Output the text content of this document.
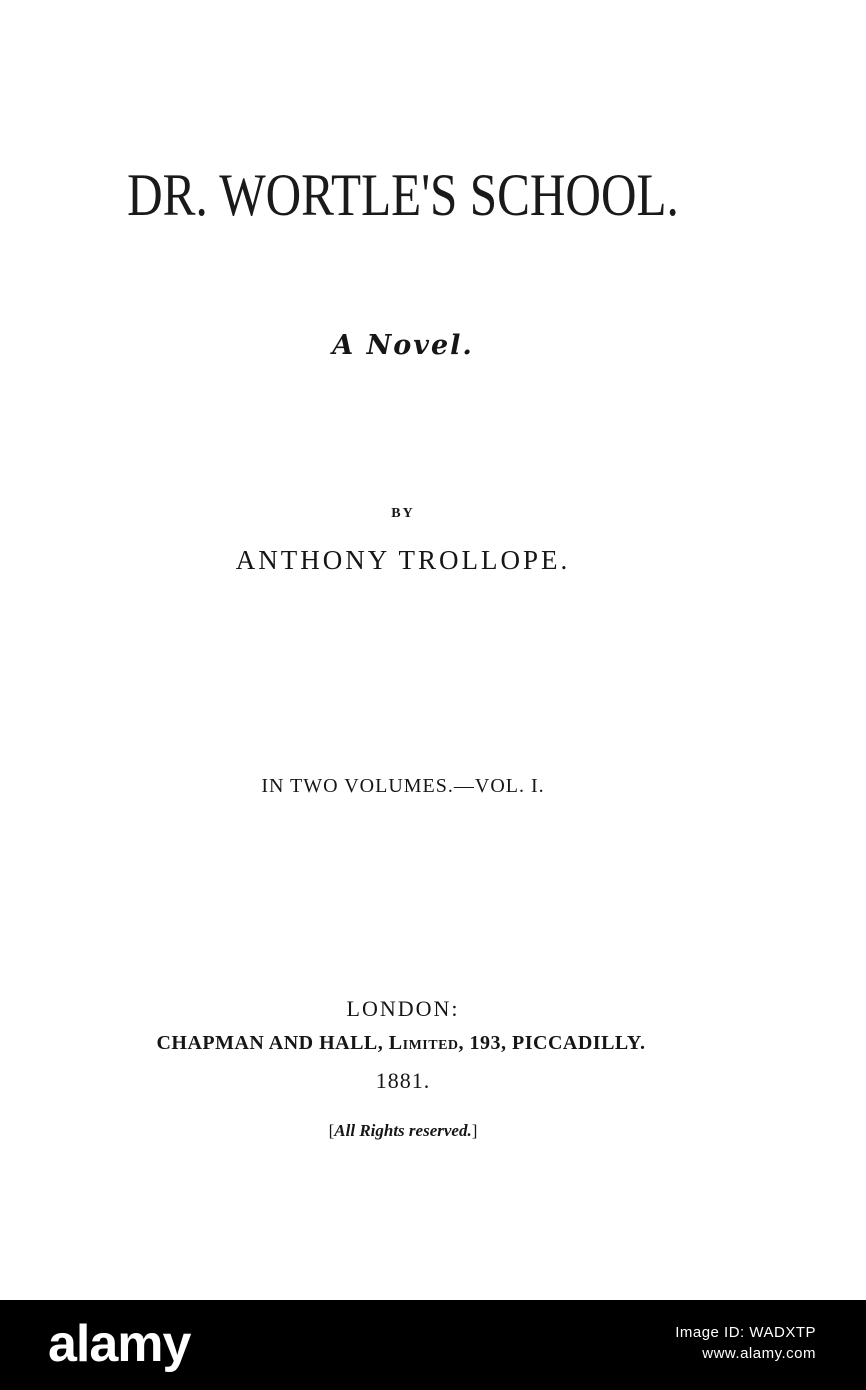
DR. WORTLE'S SCHOOL.
A Novel.
BY
ANTHONY TROLLOPE.
IN TWO VOLUMES.—VOL. I.
LONDON:
CHAPMAN AND HALL, Limited, 193, PICCADILLY.
1881.
[All Rights reserved.]
alamy	Image ID: WADXTP
www.alamy.com
